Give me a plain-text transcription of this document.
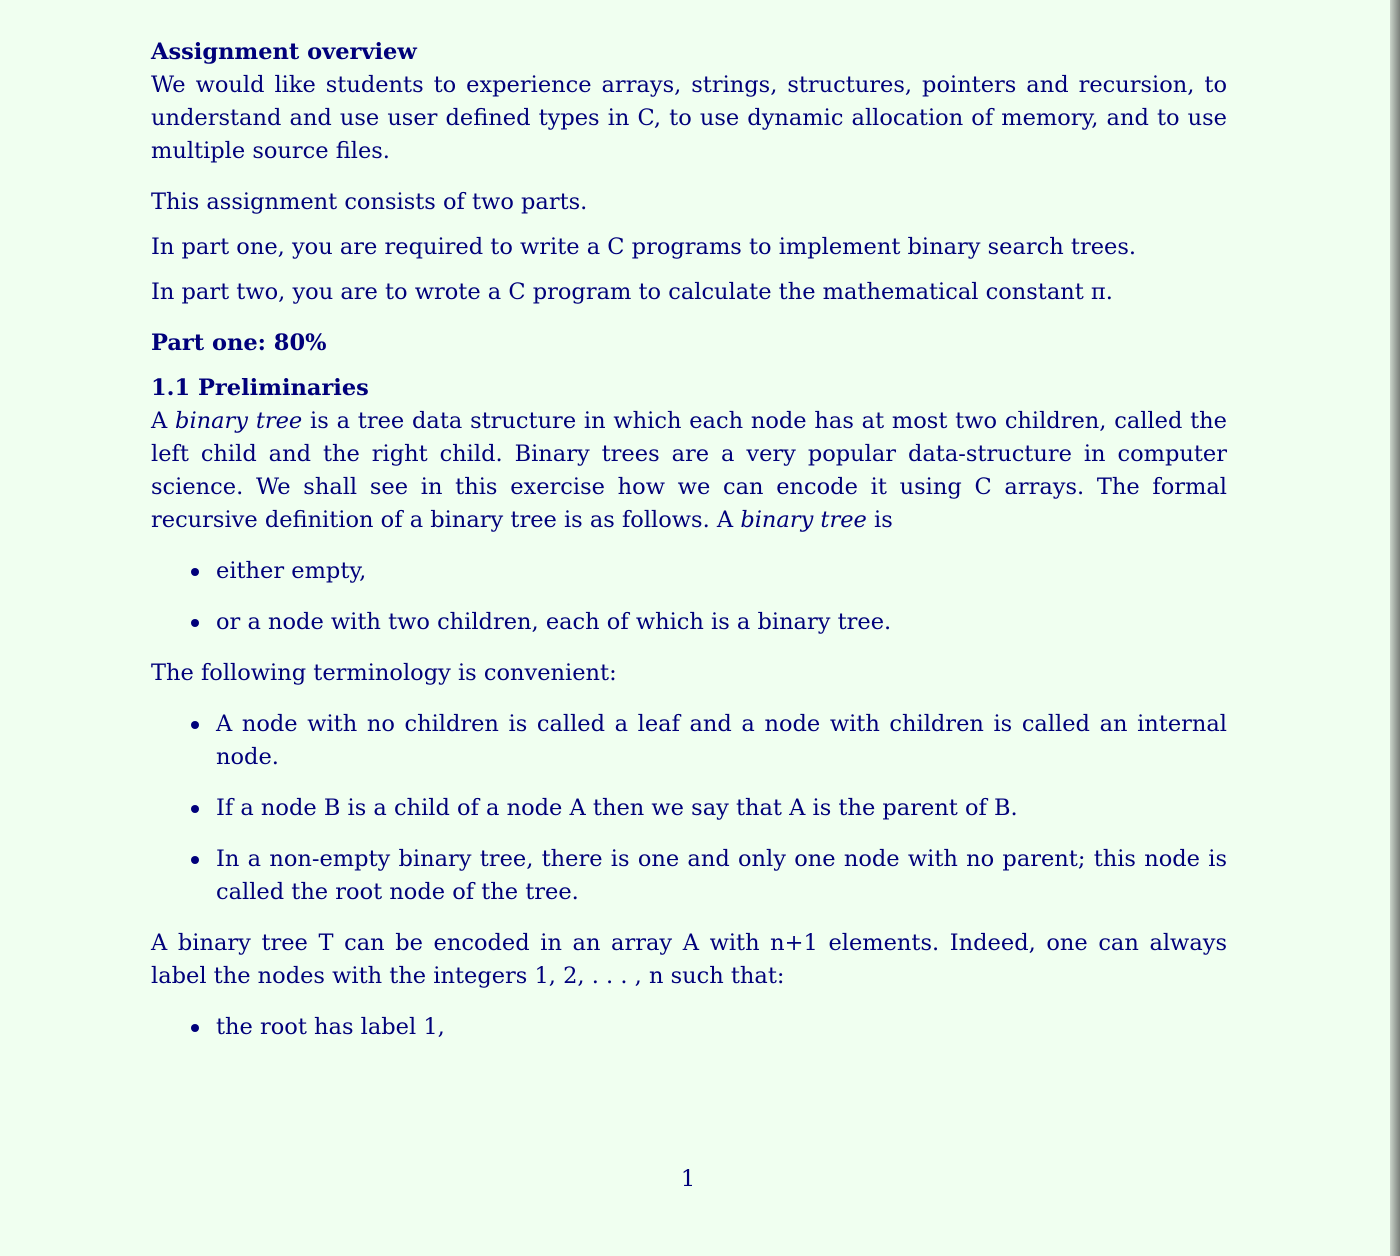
Assignment overview

We would like students to experience arrays, strings, structures, pointers and recursion, to understand and use user defined types in C, to use dynamic allocation of memory, and to use multiple source files.

This assignment consists of two parts.

In part one, you are required to write a C programs to implement binary search trees.

In part two, you are to wrote a C program to calculate the mathematical constant π.

Part one: 80%
1.1 Preliminaries

A binary tree is a tree data structure in which each node has at most two children, called the left child and the right child. Binary trees are a very popular data-structure in computer science. We shall see in this exercise how we can encode it using C arrays. The formal recursive definition of a binary tree is as follows. A binary tree is

either empty,
or a node with two children, each of which is a binary tree.

The following terminology is convenient:

A node with no children is called a leaf and a node with children is called an internal node.
If a node B is a child of a node A then we say that A is the parent of B.
In a non-empty binary tree, there is one and only one node with no parent; this node is called the root node of the tree.

A binary tree T can be encoded in an array A with n+1 elements. Indeed, one can always label the nodes with the integers 1, 2, . . . , n such that:

the root has label 1,
1
